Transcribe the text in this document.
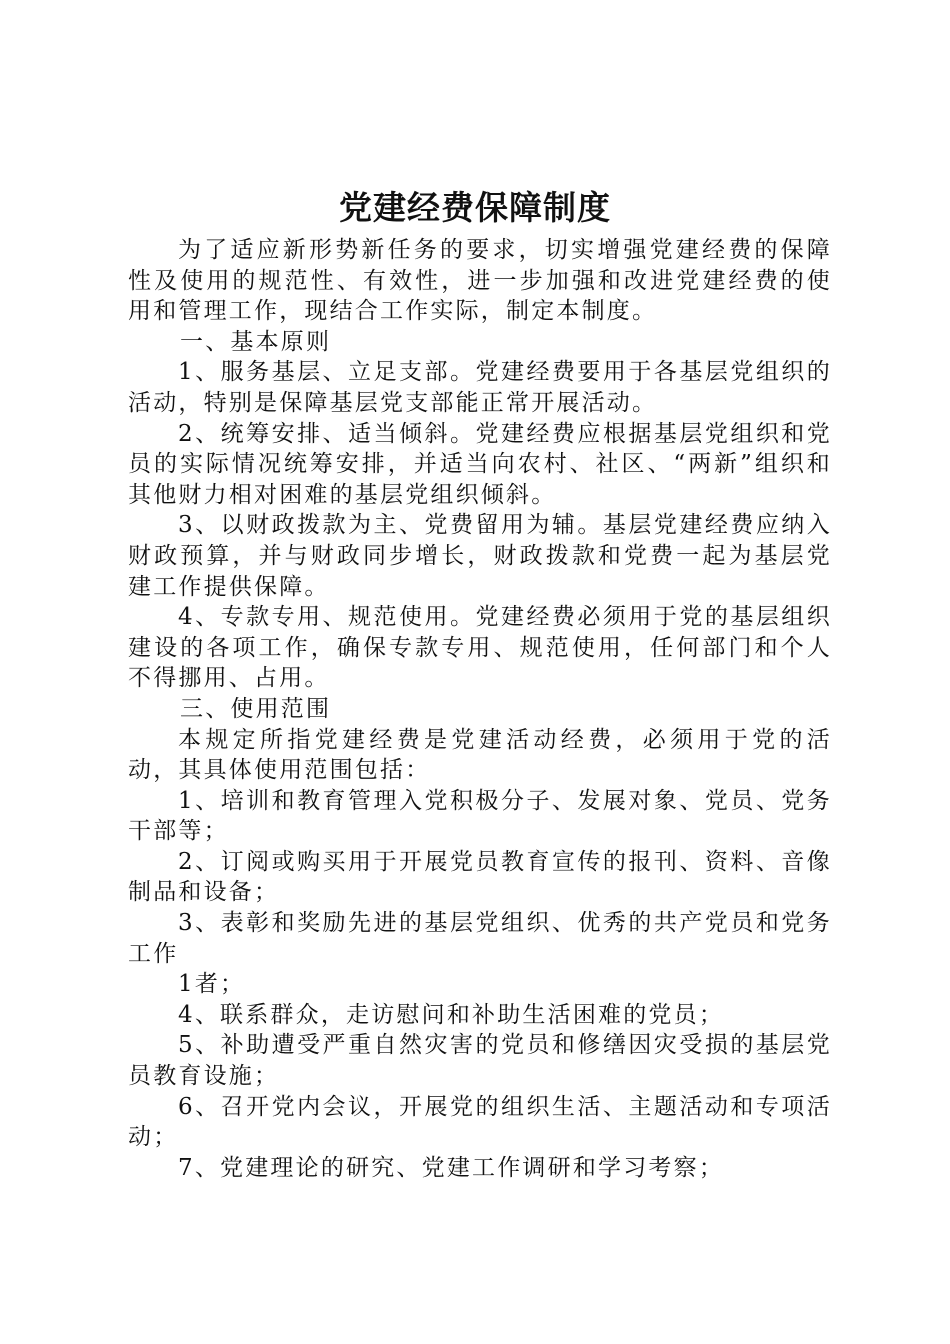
党建经费保障制度

为了适应新形势新任务的要求，切实增强党建经费的保障性及使用的规范性、有效性，进一步加强和改进党建经费的使用和管理工作，现结合工作实际，制定本制度。

一、基本原则

1、服务基层、立足支部。党建经费要用于各基层党组织的活动，特别是保障基层党支部能正常开展活动。

2、统筹安排、适当倾斜。党建经费应根据基层党组织和党员的实际情况统筹安排，并适当向农村、社区、“两新”组织和其他财力相对困难的基层党组织倾斜。

3、以财政拨款为主、党费留用为辅。基层党建经费应纳入财政预算，并与财政同步增长，财政拨款和党费一起为基层党建工作提供保障。

4、专款专用、规范使用。党建经费必须用于党的基层组织建设的各项工作，确保专款专用、规范使用，任何部门和个人不得挪用、占用。

三、使用范围

本规定所指党建经费是党建活动经费，必须用于党的活动，其具体使用范围包括：

1、培训和教育管理入党积极分子、发展对象、党员、党务干部等；

2、订阅或购买用于开展党员教育宣传的报刊、资料、音像制品和设备；

3、表彰和奖励先进的基层党组织、优秀的共产党员和党务工作

1者；

4、联系群众，走访慰问和补助生活困难的党员；

5、补助遭受严重自然灾害的党员和修缮因灾受损的基层党员教育设施；

6、召开党内会议，开展党的组织生活、主题活动和专项活动；

7、党建理论的研究、党建工作调研和学习考察；
